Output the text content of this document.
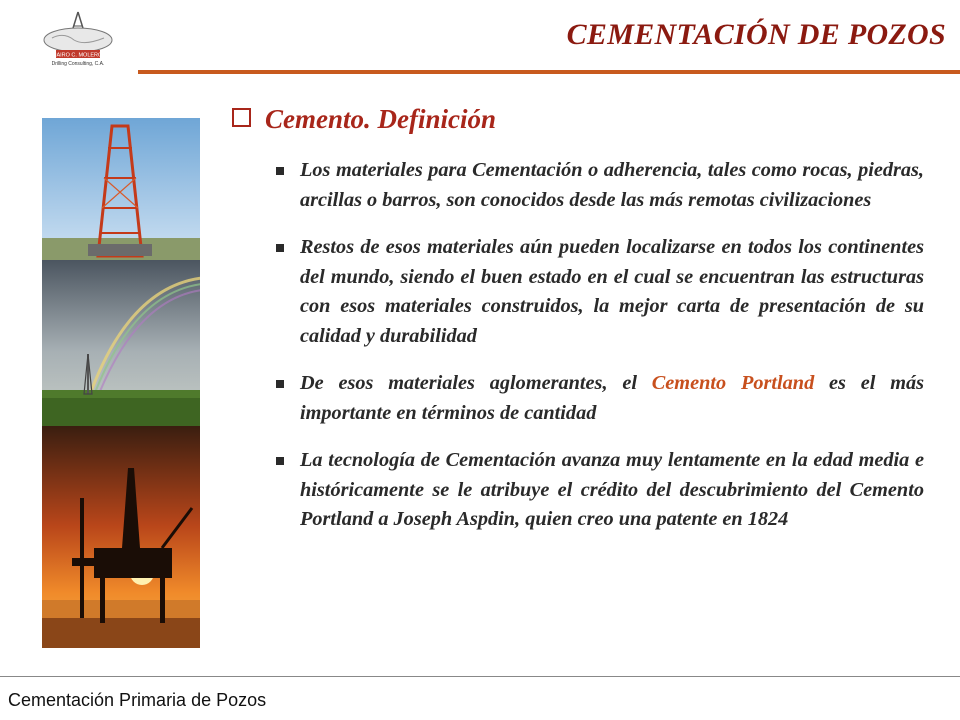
JAIRO C. MOLERO
Drilling Consulting, C.A.
CEMENTACIÓN DE POZOS
Cemento. Definición
Los materiales para Cementación o adherencia, tales como rocas, piedras, arcillas o barros, son conocidos desde las más remotas civilizaciones
Restos de esos materiales aún pueden localizarse en todos los continentes del mundo, siendo el buen estado en el cual se encuentran las estructuras con esos materiales construidos, la mejor carta de presentación de su calidad y durabilidad
De esos materiales aglomerantes, el Cemento Portland es el más importante en términos de cantidad
La tecnología de Cementación avanza muy lentamente en la edad media e históricamente se le atribuye el crédito del descubrimiento del Cemento Portland a Joseph Aspdin, quien creo una patente en 1824
Cementación Primaria de Pozos
